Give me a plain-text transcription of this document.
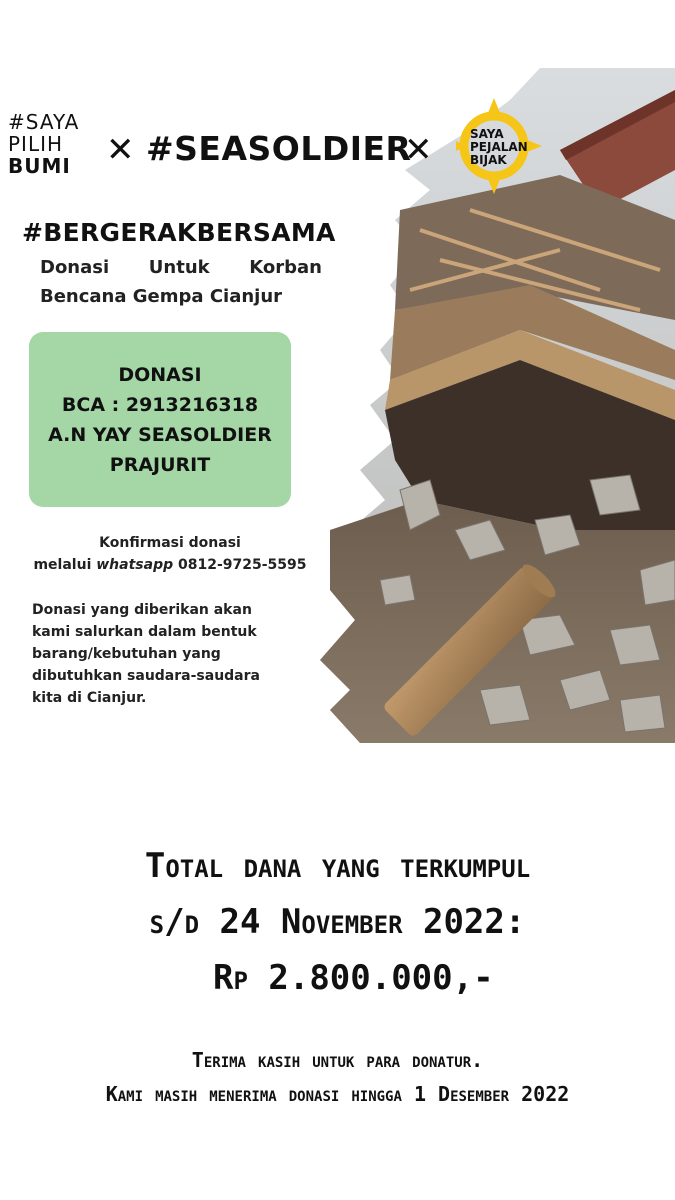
#SAYA
PILIH
BUMI	✕ #SEASOLDIER
✕	SAYA
PEJALAN
BIJAK
#BERGERAKBERSAMA
Donasi Untuk Korban
Bencana Gempa Cianjur
DONASI
BCA : 2913216318
A.N YAY SEASOLDIER
PRAJURIT
Konfirmasi donasi
melalui whatsapp 0812-9725-5595
Donasi yang diberikan akan
kami salurkan dalam bentuk
barang/kebutuhan yang
dibutuhkan saudara-saudara
kita di Cianjur.
Total dana yang terkumpul
s/d 24 November 2022:
Rp 2.800.000,-
Terima kasih untuk para donatur.
Kami masih menerima donasi hingga 1 Desember 2022
